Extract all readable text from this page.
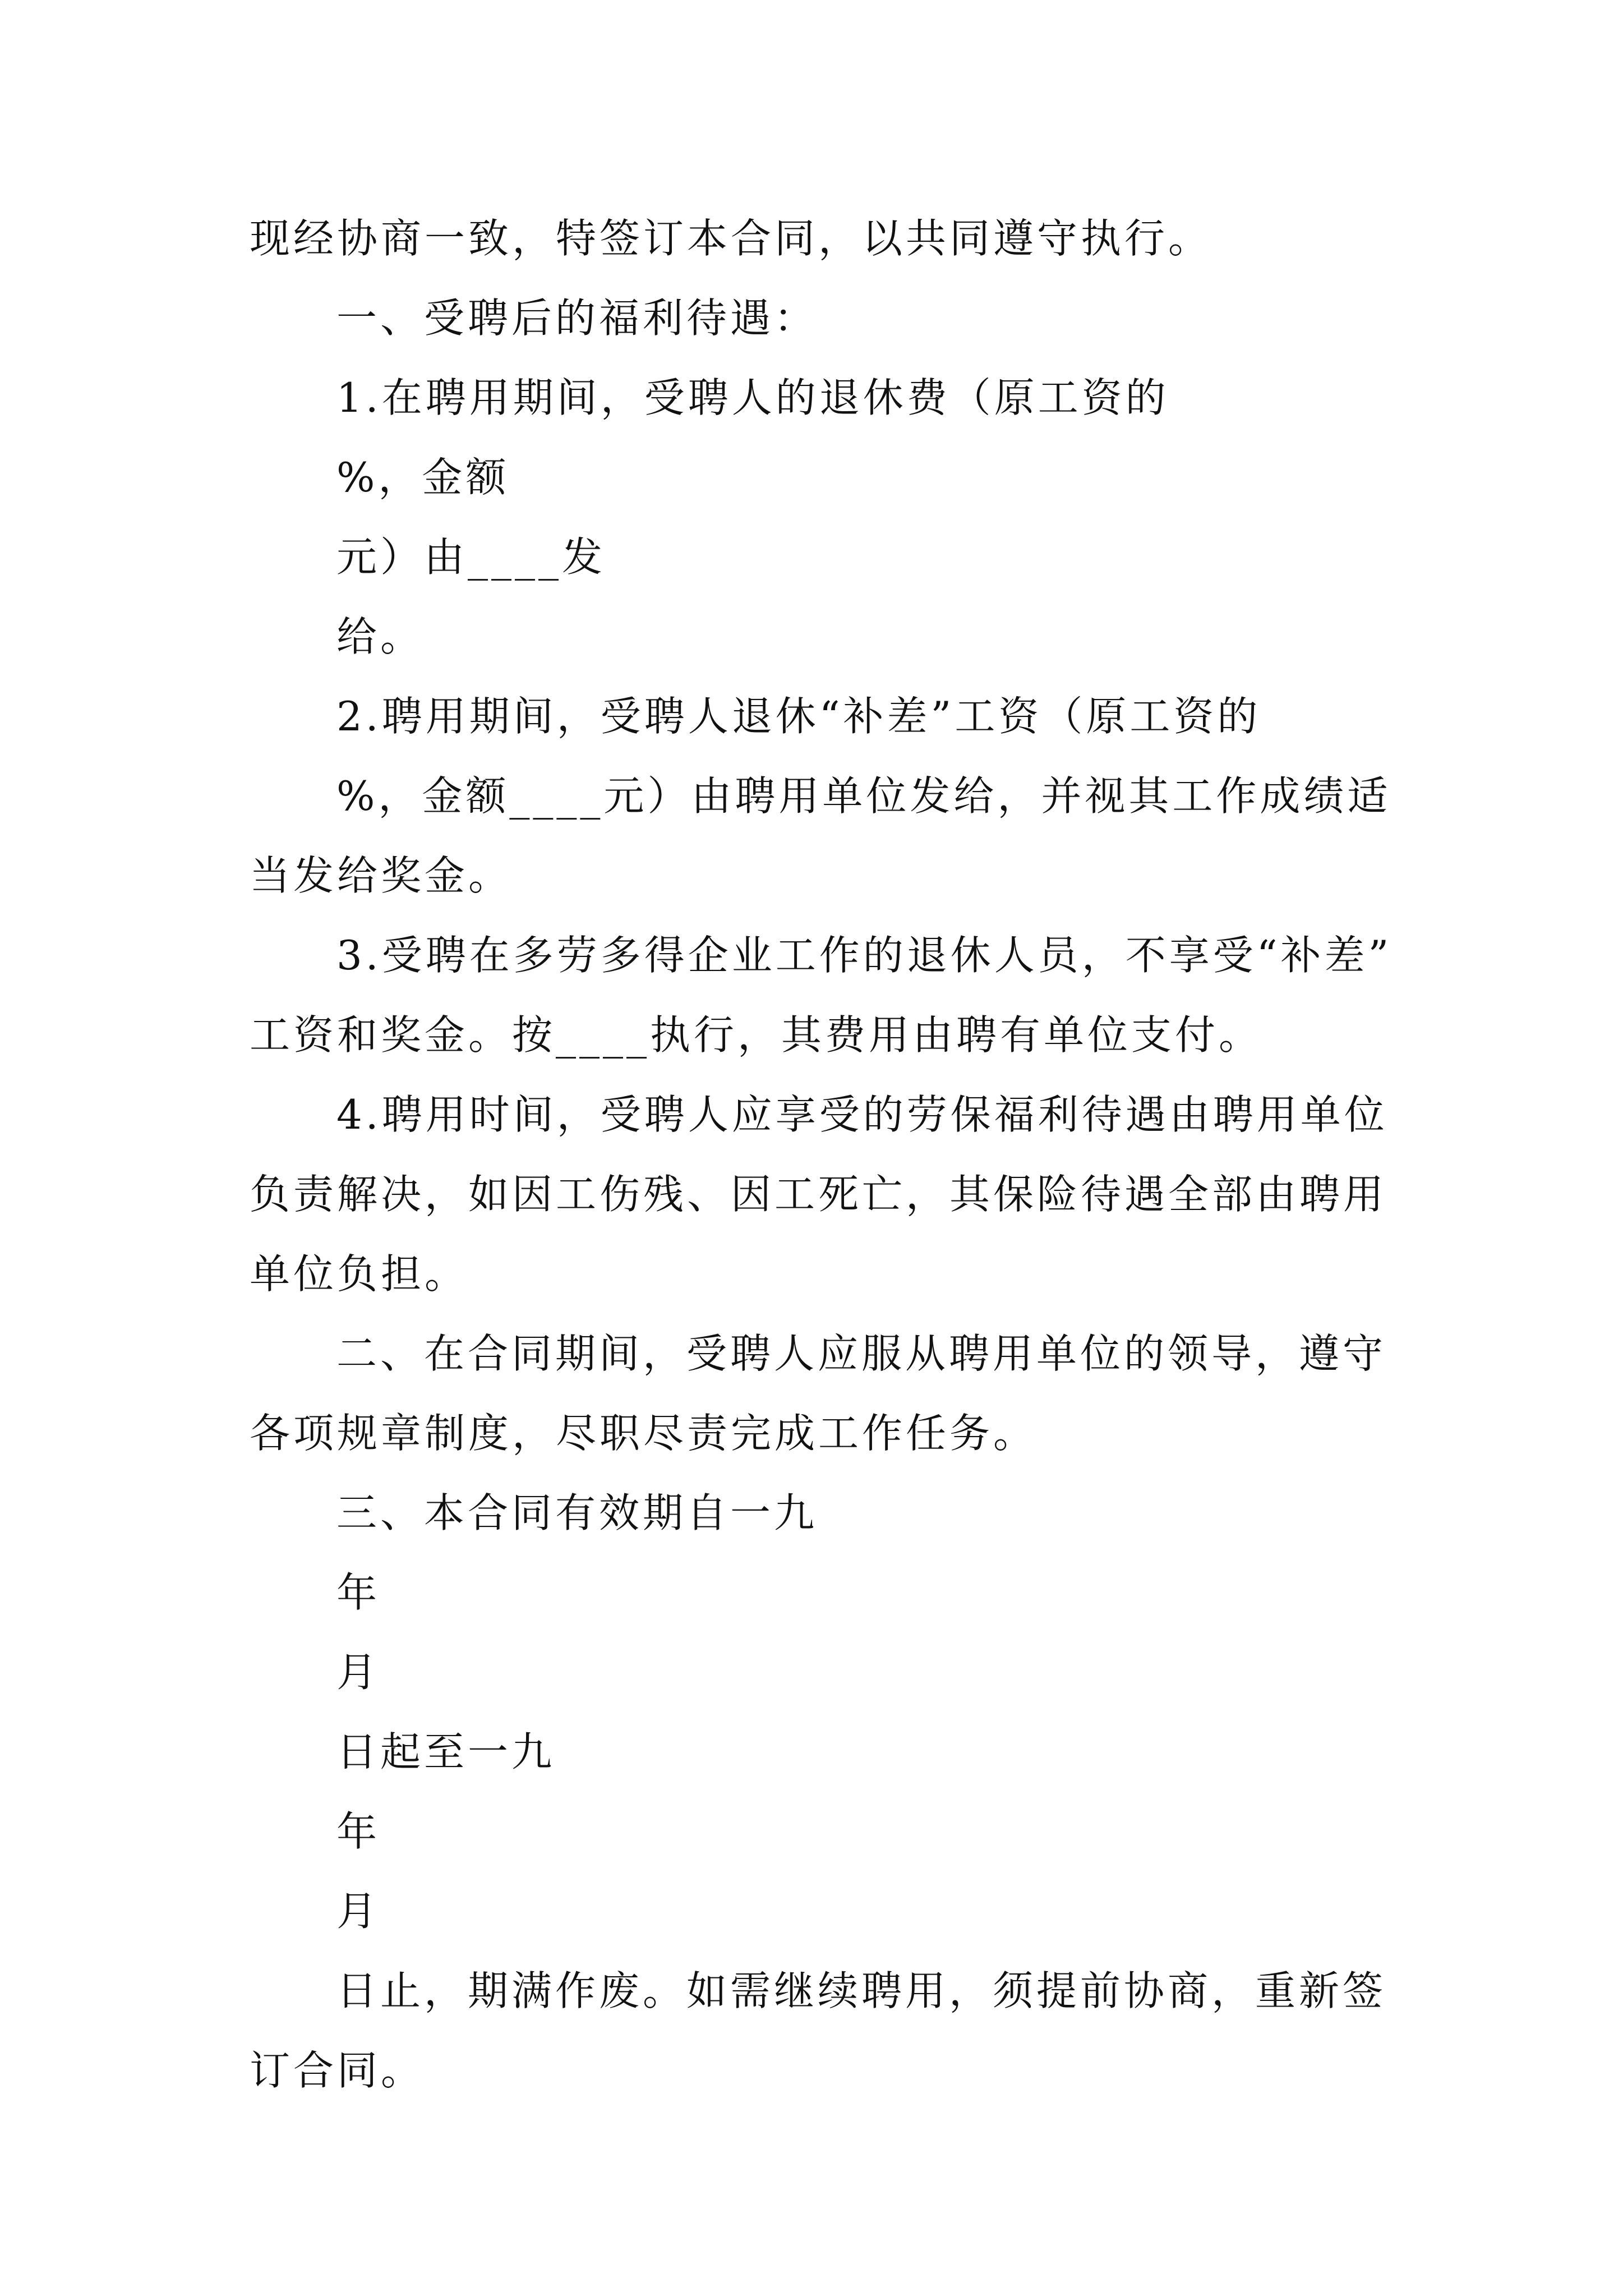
现经协商一致，特签订本合同，以共同遵守执行。
一、受聘后的福利待遇：
1.在聘用期间，受聘人的退休费（原工资的
%，金额
元）由____发
给。
2.聘用期间，受聘人退休“补差”工资（原工资的
%，金额____元）由聘用单位发给，并视其工作成绩适
当发给奖金。
3.受聘在多劳多得企业工作的退休人员，不享受“补差”
工资和奖金。按____执行，其费用由聘有单位支付。
4.聘用时间，受聘人应享受的劳保福利待遇由聘用单位
负责解决，如因工伤残、因工死亡，其保险待遇全部由聘用
单位负担。
二、在合同期间，受聘人应服从聘用单位的领导，遵守
各项规章制度，尽职尽责完成工作任务。
三、本合同有效期自一九
年
月
日起至一九
年
月
日止，期满作废。如需继续聘用，须提前协商，重新签
订合同。
